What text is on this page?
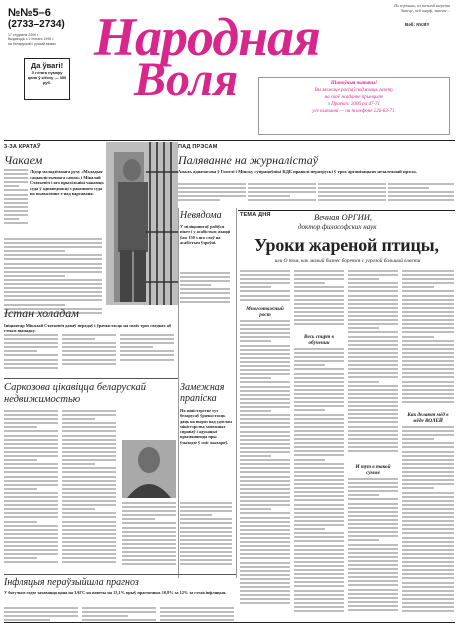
№№5–6
(2733–2734)
17 студзеня 2006 г.
Выдаецца з 1 лютага 1995 г.
на беларускай і рускай мовах
Да ўвагі!
З гэтага нумару цана ў кіёску — 350 руб.
Народная
Воля
Из хороших, из теплой шерсти
Знаеце, чей шарф, знаете...
Вэб: NV.BY
Шаноўныя чытачы!
Вы можаце распаўсюджваць газету
на сваё жаданне прынцыпе
з Праект: 2006 па 47-71
усе пытанні — па тэлефоне 226-83-71.
3-ЗА КРАТАЎ
Чакаем
Лідэр маладзёжнага руху «Маладыя сацыялістычнага саюза» і Мікалай Статкевіч і яго прыхільнікі чакаюць суда ў адпаведнасці з рашэннем суда на вызваленне з-пад вартаваня.
ПАД ПРЭСАМ
Паляванне на журналістаў
Амаль адначасова ў Гомелі і Мінску супрацоўнікі КДБ правялі ператрускі ў трох арганізацыях незалежнай прэсы.
Невядома
У міліцыянтаў рабіўся пікет і у асабістым жыцці ўжо 150 з яго слоў на асабістым ўзроўні.
Істан холадам
Ініцыятар Мікалай Статкевіч даваў перадаў і ўрачыстасць на сваіх трох сведках аб гэтым выпадку.
Саркозова цікавіцца беларускай недвижимостью
Замежная прапіска
На міністэрстве тут беларусаў ўрачыстасць даць на выраз пад удзелам міністэрства замежных справаў і адукацыі прымяняецца пры ўзыходзе ў спіс жыхароў.
Інфляцыя пераўзыйшла прагноз
У бягучым годзе захавацца цана на ЗАГС на паветы на 13,1% прыў прагнозных 10,8% за 12% за гэтая інфляцыя.
ТЕМА ДНЯ	Вечная ОРГИИ,
доктор философских наук
Уроки жареной птицы,
или О том, как малый бизнес борется с угрозой большой власти
Многоэтажный рост
Весь спирт в обучении
И тут в такой сумме
Как делают мёд в мёде ВОЛЕЙ
